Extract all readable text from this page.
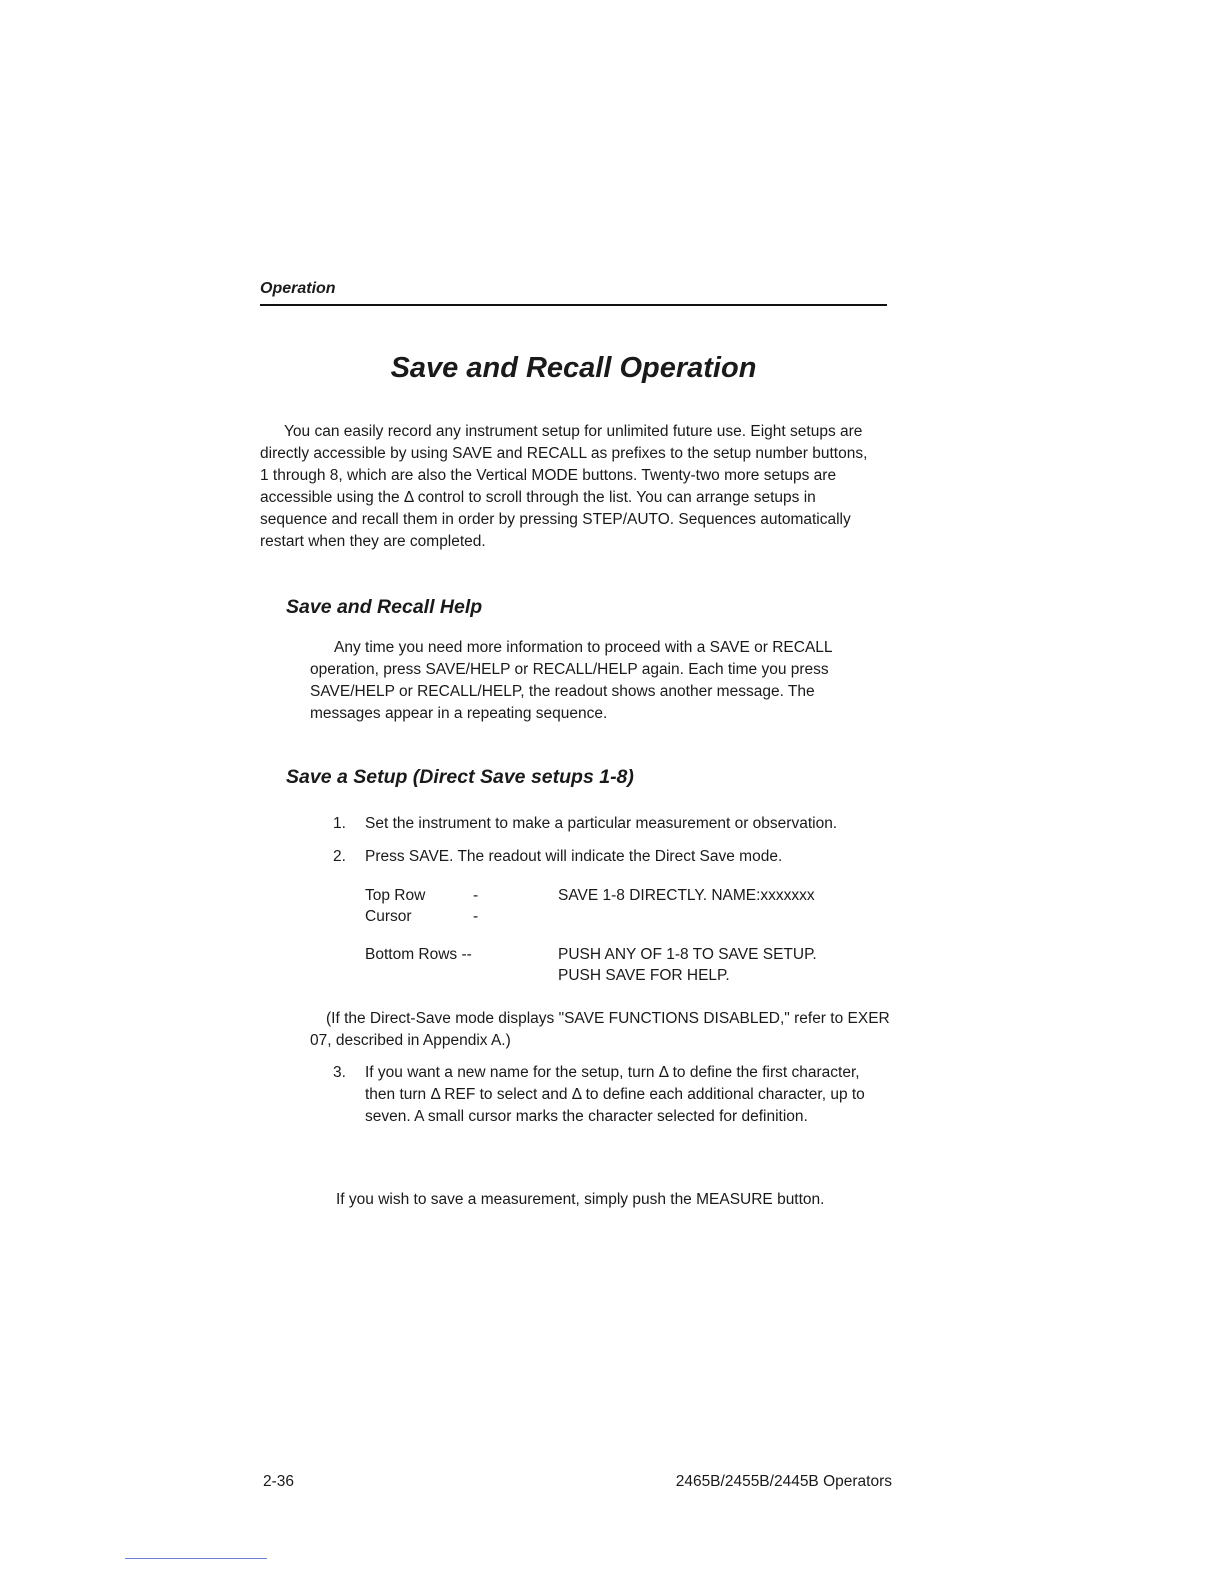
Operation
Save and Recall Operation

You can easily record any instrument setup for unlimited future use. Eight setups are directly accessible by using SAVE and RECALL as prefixes to the setup number buttons, 1 through 8, which are also the Vertical MODE buttons. Twenty-two more setups are accessible using the Δ control to scroll through the list. You can arrange setups in sequence and recall them in order by pressing STEP/AUTO. Sequences automatically restart when they are completed.

Save and Recall Help

Any time you need more information to proceed with a SAVE or RECALL operation, press SAVE/HELP or RECALL/HELP again. Each time you press SAVE/HELP or RECALL/HELP, the readout shows another message. The messages appear in a repeating sequence.

Save a Setup (Direct Save setups 1-8)
1. Set the instrument to make a particular measurement or observation.
2. Press SAVE. The readout will indicate the Direct Save mode.
Top Row
Cursor
--
SAVE 1-8 DIRECTLY. NAME:xxxxxxx
Bottom Rows --	PUSH ANY OF 1-8 TO SAVE SETUP.
PUSH SAVE FOR HELP.

(If the Direct-Save mode displays "SAVE FUNCTIONS DISABLED," refer to EXER 07, described in Appendix A.)

3. If you want a new name for the setup, turn Δ to define the first character, then turn Δ REF to select and Δ to define each additional character, up to seven. A small cursor marks the character selected for definition.

If you wish to save a measurement, simply push the MEASURE button.

2-36	2465B/2455B/2445B Operators
